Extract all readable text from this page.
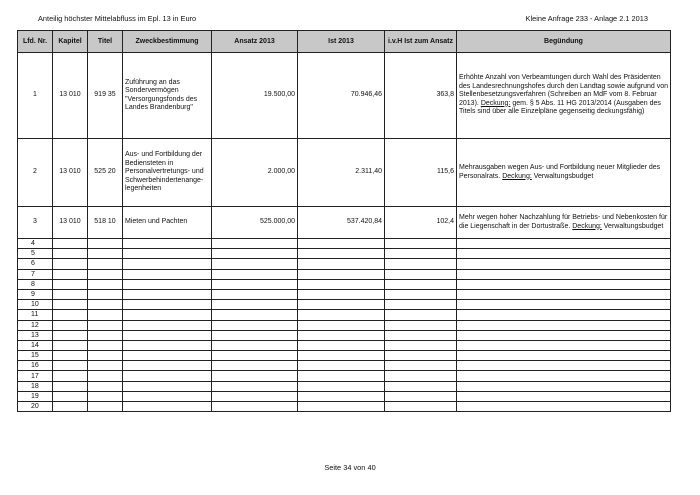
Anteilig höchster Mittelabfluss im Epl. 13 in Euro	Kleine Anfrage 233 - Anlage 2.1 2013
Lfd. Nr.	Kapitel	Titel	Zweckbestimmung	Ansatz 2013	Ist 2013	i.v.H Ist zum Ansatz	Begündung
1	13 010	919 35	Zuführung an das Sondervermögen "Versorgungsfonds des Landes Brandenburg"	19.500,00	70.946,46	363,8	Erhöhte Anzahl von Verbeamtungen durch Wahl des Präsidenten des Landesrechnungshofes durch den Landtag sowie aufgrund von Stellenbesetzungsverfahren (Schreiben an MdF vom 8. Februar 2013). Deckung: gem. § 5 Abs. 11 HG 2013/2014 (Ausgaben des Titels sind über alle Einzelpläne gegenseitig deckungsfähig)
2	13 010	525 20	Aus- und Fortbildung der Bediensteten in Personalvertretungs- und Schwerbehindertenange-legenheiten	2.000,00	2.311,40	115,6	Mehrausgaben wegen Aus- und Fortbildung neuer Mitglieder des Personalrats. Deckung: Verwaltungsbudget
3	13 010	518 10	Mieten und Pachten	525.000,00	537.420,84	102,4	Mehr wegen hoher Nachzahlung für Betriebs- und Nebenkosten für die Liegenschaft in der Dortustraße. Deckung: Verwaltungsbudget
4							
5							
6							
7							
8							
9							
10							
11							
12							
13							
14							
15							
16							
17							
18							
19							
20							
Seite 34 von 40
